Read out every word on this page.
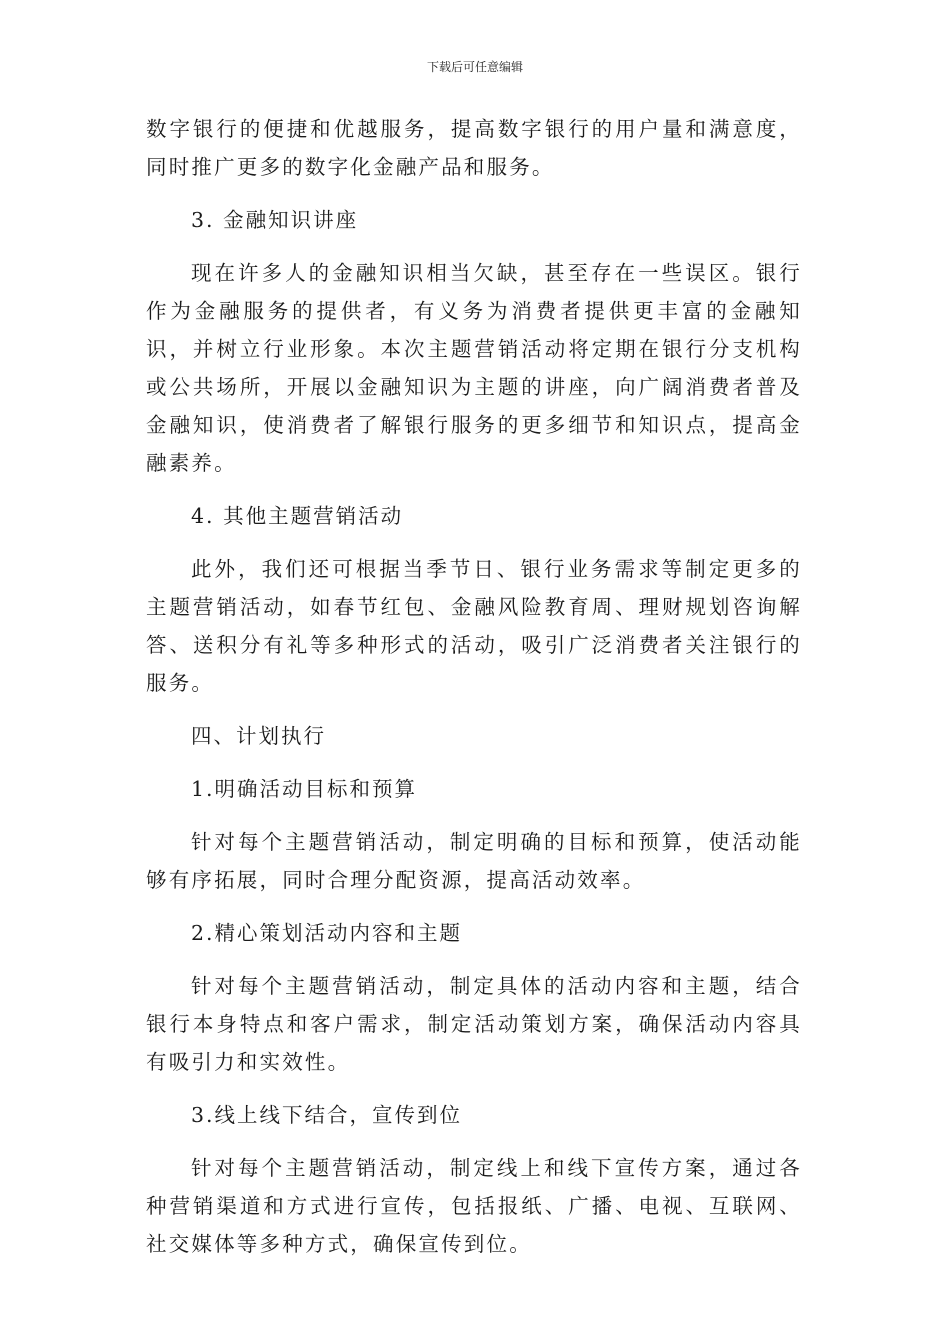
下载后可任意编辑

数字银行的便捷和优越服务，提高数字银行的用户量和满意度，同时推广更多的数字化金融产品和服务。

3. 金融知识讲座

现在许多人的金融知识相当欠缺，甚至存在一些误区。银行作为金融服务的提供者，有义务为消费者提供更丰富的金融知识，并树立行业形象。本次主题营销活动将定期在银行分支机构或公共场所，开展以金融知识为主题的讲座，向广阔消费者普及金融知识，使消费者了解银行服务的更多细节和知识点，提高金融素养。

4. 其他主题营销活动

此外，我们还可根据当季节日、银行业务需求等制定更多的主题营销活动，如春节红包、金融风险教育周、理财规划咨询解答、送积分有礼等多种形式的活动，吸引广泛消费者关注银行的服务。

四、计划执行

1.明确活动目标和预算

针对每个主题营销活动，制定明确的目标和预算，使活动能够有序拓展，同时合理分配资源，提高活动效率。

2.精心策划活动内容和主题

针对每个主题营销活动，制定具体的活动内容和主题，结合银行本身特点和客户需求，制定活动策划方案，确保活动内容具有吸引力和实效性。

3.线上线下结合，宣传到位

针对每个主题营销活动，制定线上和线下宣传方案，通过各种营销渠道和方式进行宣传，包括报纸、广播、电视、互联网、社交媒体等多种方式，确保宣传到位。
